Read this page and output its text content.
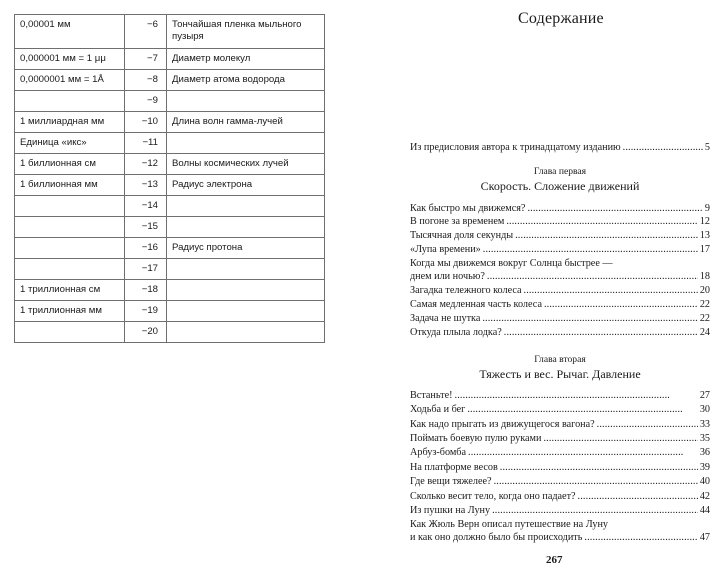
0,00001 мм	−6	Тончайшая пленка мыльного пузыря
0,000001 мм = 1 μμ	−7	Диаметр молекул
0,0000001 мм = 1Å	−8	Диаметр атома водорода
	−9	
1 миллиардная мм	−10	Длина волн гамма-лучей
Единица «икс»	−11	
1 биллионная см	−12	Волны космических лучей
1 биллионная мм	−13	Радиус электрона
	−14	
	−15	
	−16	Радиус протона
	−17	
1 триллионная см	−18	
1 триллионная мм	−19	
	−20	
Содержание
Из предисловия автора к тринадцатому изданию . . .	5
Глава первая
Скорость. Сложение движений
Как быстро мы движемся? . . .	9
В погоне за временем . . .	12
Тысячная доля секунды . . .	13
«Лупа времени» . . .	17
Когда мы движемся вокруг Солнца быстрее —
днем или ночью? . . .	18
Загадка тележного колеса . . .	20
Самая медленная часть колеса . . .	22
Задача не шутка . . .	22
Откуда плыла лодка? . . .	24
Глава вторая
Тяжесть и вес. Рычаг. Давление
Встаньте! . . .	27
Ходьба и бег . . .	30
Как надо прыгать из движущегося вагона? . . .	33
Поймать боевую пулю руками . . .	35
Арбуз-бомба . . .	36
На платформе весов . . .	39
Где вещи тяжелее? . . .	40
Сколько весит тело, когда оно падает? . . .	42
Из пушки на Луну . . .	44
Как Жюль Верн описал путешествие на Луну
и как оно должно было бы происходить . . .	47
267
